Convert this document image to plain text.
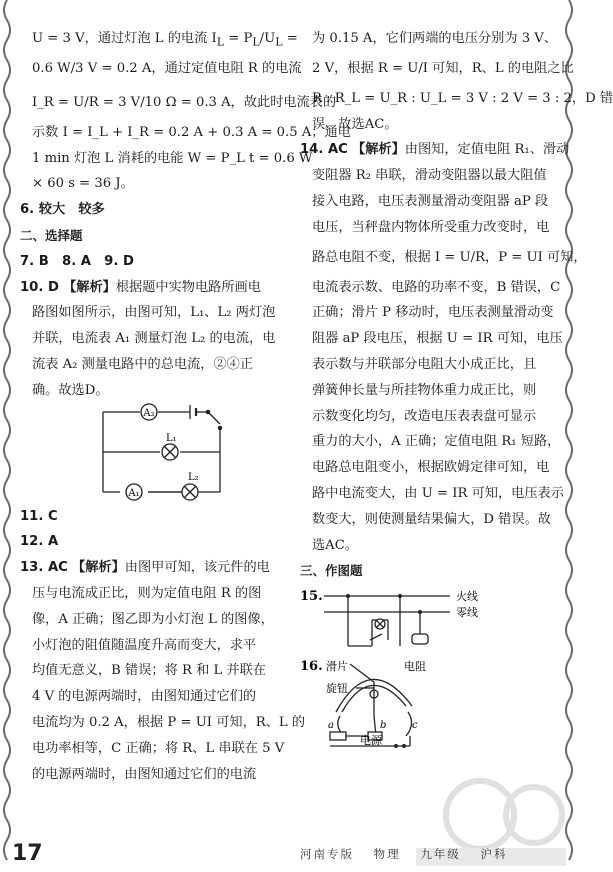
U = 3 V，通过灯泡 L 的电流 $I_L = P_L/U_L$ =
0.6 W/3 V = 0.2 A，通过定值电阻 R 的电流
I_R = U/R = 3 V/10 Ω = 0.3 A，故此时电流表的
示数 I = I_L + I_R = 0.2 A + 0.3 A = 0.5 A；通电
1 min 灯泡 L 消耗的电能 W = P_L t = 0.6 W
× 60 s = 36 J。
6. 较大　较多
二、选择题
7. B　8. A　9. D
10. D 【解析】根据题中实物电路所画电
路图如图所示，由图可知，L₁、L₂ 两灯泡
并联，电流表 A₁ 测量灯泡 L₂ 的电流，电
流表 A₂ 测量电路中的总电流，②④正
确。故选D。
A₂
A₁
L₁
L₂
11. C
12. A
13. AC 【解析】由图甲可知，该元件的电
压与电流成正比，则为定值电阻 R 的图
像，A 正确；图乙即为小灯泡 L 的图像，
小灯泡的阻值随温度升高而变大，求平
均值无意义，B 错误；将 R 和 L 并联在
4 V 的电源两端时，由图知通过它们的
电流均为 0.2 A，根据 P = UI 可知，R、L 的
电功率相等，C 正确；将 R、L 串联在 5 V
的电源两端时，由图知通过它们的电流
为 0.15 A，它们两端的电压分别为 3 V、
2 V，根据 R = U/I 可知，R、L 的电阻之比
R : R_L = U_R : U_L = 3 V : 2 V = 3 : 2，D 错
误。故选AC。
14. AC 【解析】由图知，定值电阻 R₁、滑动
变阻器 R₂ 串联，滑动变阻器以最大阻值
接入电路，电压表测量滑动变阻器 aP 段
电压，当秤盘内物体所受重力改变时，电
路总电阻不变，根据 I = U/R，P = UI 可知，
电流表示数、电路的功率不变，B 错误，C
正确；滑片 P 移动时，电压表测量滑动变
阻器 aP 段电压，根据 U = IR 可知，电压
表示数与并联部分电阻大小成正比，且
弹簧伸长量与所挂物体重力成正比，则
示数变化均匀，改造电压表表盘可显示
重力的大小，A 正确；定值电阻 R₁ 短路，
电路总电阻变小，根据欧姆定律可知，电
路中电流变大，由 U = IR 可知，电压表示
数变大，则使测量结果偏大，D 错误。故
选AC。
三、作图题
15.	火线
零线
16. 滑片
旋钮
电阻
a	b	c
电源
17	河南专版 物理 九年级 沪科
